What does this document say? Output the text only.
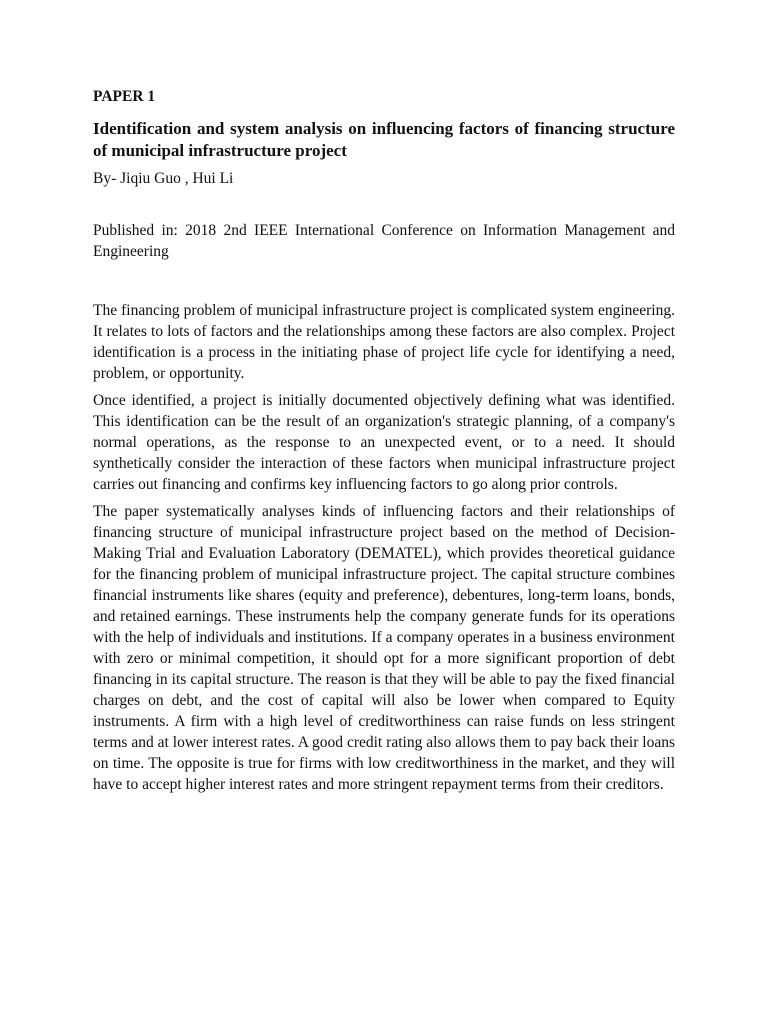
PAPER 1
Identification and system analysis on influencing factors of financing structure of municipal infrastructure project
By- Jiqiu Guo , Hui Li
Published in: 2018 2nd IEEE International Conference on Information Management and Engineering

The financing problem of municipal infrastructure project is complicated system engineering. It relates to lots of factors and the relationships among these factors are also complex. Project identification is a process in the initiating phase of project life cycle for identifying a need, problem, or opportunity.

Once identified, a project is initially documented objectively defining what was identified. This identification can be the result of an organization's strategic planning, of a company's normal operations, as the response to an unexpected event, or to a need. It should synthetically consider the interaction of these factors when municipal infrastructure project carries out financing and confirms key influencing factors to go along prior controls.

The paper systematically analyses kinds of influencing factors and their relationships of financing structure of municipal infrastructure project based on the method of Decision-Making Trial and Evaluation Laboratory (DEMATEL), which provides theoretical guidance for the financing problem of municipal infrastructure project. The capital structure combines financial instruments like shares (equity and preference), debentures, long-term loans, bonds, and retained earnings. These instruments help the company generate funds for its operations with the help of individuals and institutions. If a company operates in a business environment with zero or minimal competition, it should opt for a more significant proportion of debt financing in its capital structure. The reason is that they will be able to pay the fixed financial charges on debt, and the cost of capital will also be lower when compared to Equity instruments. A firm with a high level of creditworthiness can raise funds on less stringent terms and at lower interest rates. A good credit rating also allows them to pay back their loans on time. The opposite is true for firms with low creditworthiness in the market, and they will have to accept higher interest rates and more stringent repayment terms from their creditors.
